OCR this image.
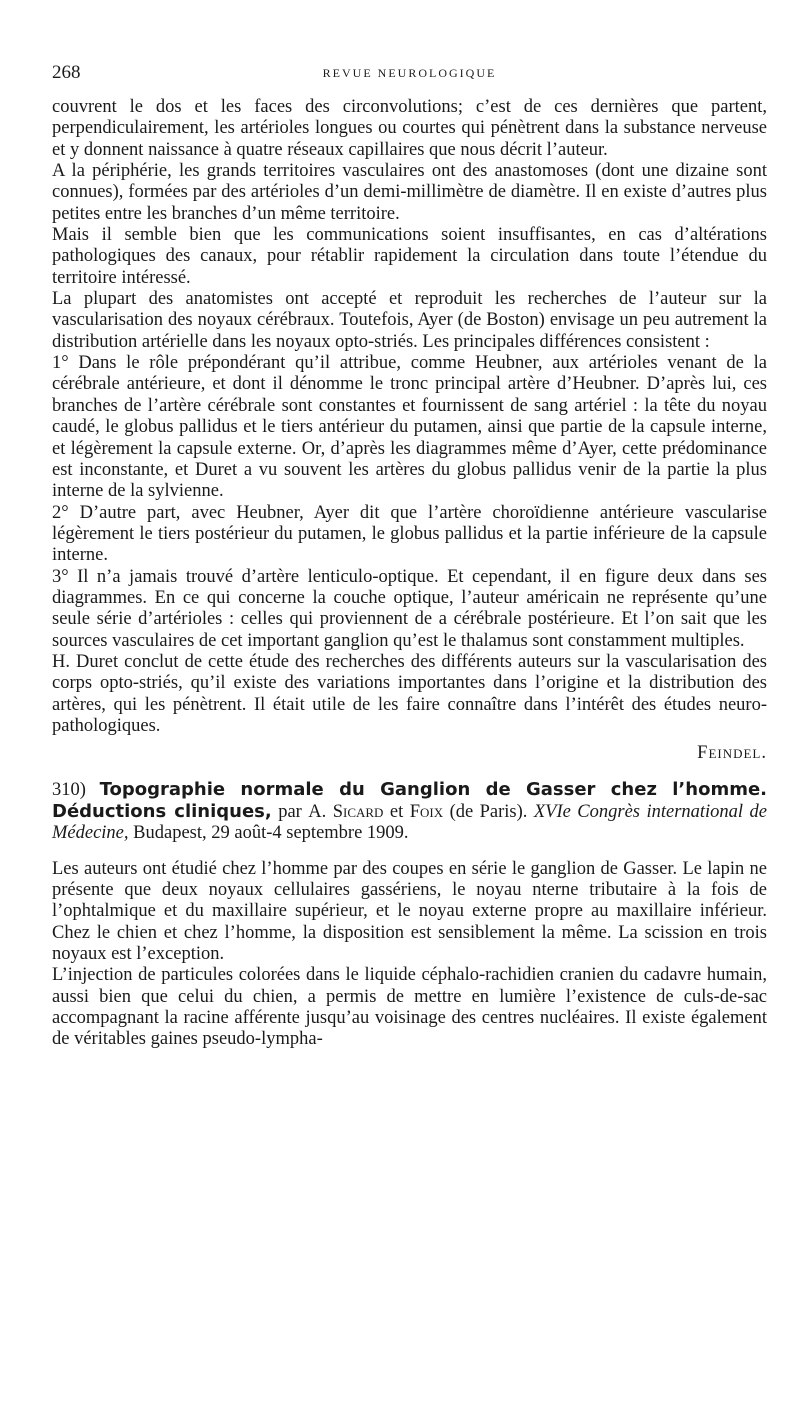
268	REVUE NEUROLOGIQUE

couvrent le dos et les faces des circonvolutions; c’est de ces dernières que partent, perpendiculairement, les artérioles longues ou courtes qui pénètrent dans la substance nerveuse et y donnent naissance à quatre réseaux capillaires que nous décrit l’auteur.

A la périphérie, les grands territoires vasculaires ont des anastomoses (dont une dizaine sont connues), formées par des artérioles d’un demi-millimètre de diamètre. Il en existe d’autres plus petites entre les branches d’un même territoire.

Mais il semble bien que les communications soient insuffisantes, en cas d’altérations pathologiques des canaux, pour rétablir rapidement la circulation dans toute l’étendue du territoire intéressé.

La plupart des anatomistes ont accepté et reproduit les recherches de l’auteur sur la vascularisation des noyaux cérébraux. Toutefois, Ayer (de Boston) envisage un peu autrement la distribution artérielle dans les noyaux opto-striés. Les principales différences consistent :

1° Dans le rôle prépondérant qu’il attribue, comme Heubner, aux artérioles venant de la cérébrale antérieure, et dont il dénomme le tronc principal artère d’Heubner. D’après lui, ces branches de l’artère cérébrale sont constantes et fournissent de sang artériel : la tête du noyau caudé, le globus pallidus et le tiers antérieur du putamen, ainsi que partie de la capsule interne, et légèrement la capsule externe. Or, d’après les diagrammes même d’Ayer, cette prédominance est inconstante, et Duret a vu souvent les artères du globus pallidus venir de la partie la plus interne de la sylvienne.

2° D’autre part, avec Heubner, Ayer dit que l’artère choroïdienne antérieure vascularise légèrement le tiers postérieur du putamen, le globus pallidus et la partie inférieure de la capsule interne.

3° Il n’a jamais trouvé d’artère lenticulo-optique. Et cependant, il en figure deux dans ses diagrammes. En ce qui concerne la couche optique, l’auteur américain ne représente qu’une seule série d’artérioles : celles qui proviennent de a cérébrale postérieure. Et l’on sait que les sources vasculaires de cet important ganglion qu’est le thalamus sont constamment multiples.

H. Duret conclut de cette étude des recherches des différents auteurs sur la vascularisation des corps opto-striés, qu’il existe des variations importantes dans l’origine et la distribution des artères, qui les pénètrent. Il était utile de les faire connaître dans l’intérêt des études neuro-pathologiques.

Feindel.

310) Topographie normale du Ganglion de Gasser chez l’homme. Déductions cliniques, par A. Sicard et Foix (de Paris). XVIe Congrès international de Médecine, Budapest, 29 août-4 septembre 1909.

Les auteurs ont étudié chez l’homme par des coupes en série le ganglion de Gasser. Le lapin ne présente que deux noyaux cellulaires gassériens, le noyau nterne tributaire à la fois de l’ophtalmique et du maxillaire supérieur, et le noyau externe propre au maxillaire inférieur. Chez le chien et chez l’homme, la disposition est sensiblement la même. La scission en trois noyaux est l’exception.

L’injection de particules colorées dans le liquide céphalo-rachidien cranien du cadavre humain, aussi bien que celui du chien, a permis de mettre en lumière l’existence de culs-de-sac accompagnant la racine afférente jusqu’au voisinage des centres nucléaires. Il existe également de véritables gaines pseudo-lympha-
